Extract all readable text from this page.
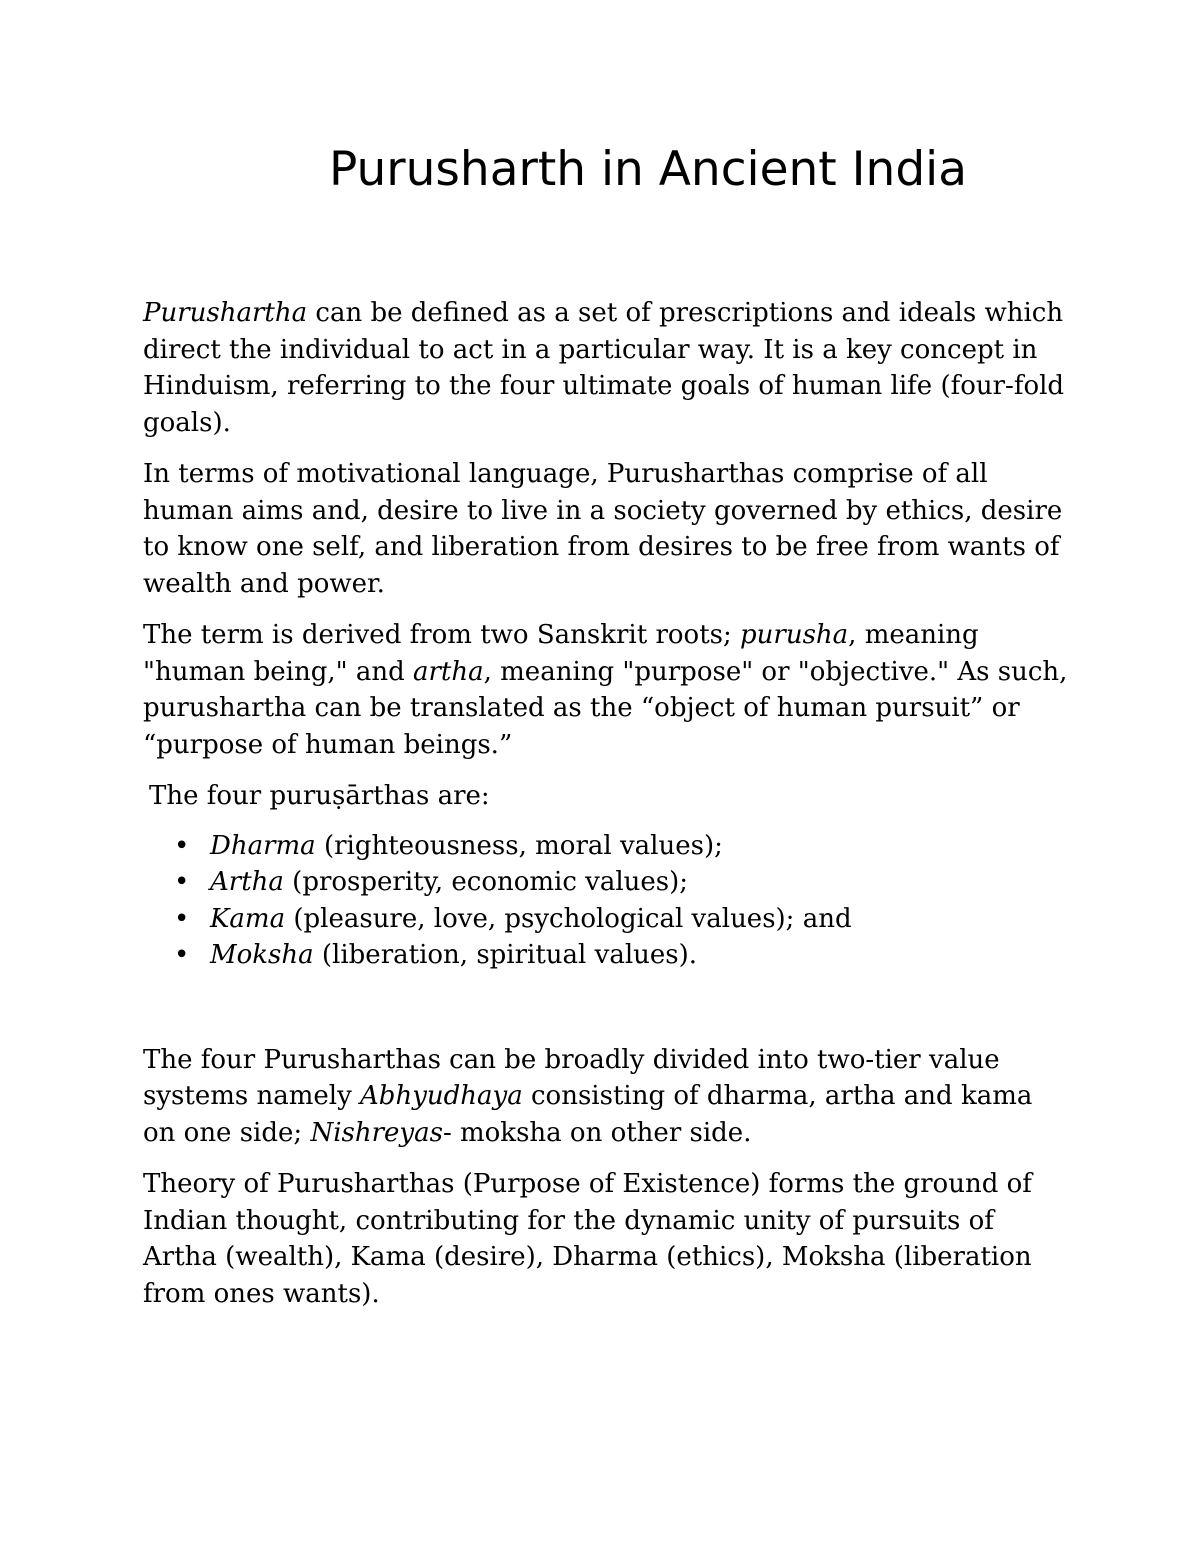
Purusharth in Ancient India

Purushartha can be defined as a set of prescriptions and ideals which direct the individual to act in a particular way. It is a key concept in Hinduism, referring to the four ultimate goals of human life (four-fold goals).

In terms of motivational language, Purusharthas comprise of all human aims and, desire to live in a society governed by ethics, desire to know one self, and liberation from desires to be free from wants of wealth and power.

The term is derived from two Sanskrit roots; purusha, meaning "human being," and artha, meaning "purpose" or "objective." As such, purushartha can be translated as the “object of human pursuit” or “purpose of human beings.”

The four puruṣārthas are:

• Dharma (righteousness, moral values);
• Artha (prosperity, economic values);
• Kama (pleasure, love, psychological values); and
• Moksha (liberation, spiritual values).

The four Purusharthas can be broadly divided into two-tier value systems namely Abhyudhaya consisting of dharma, artha and kama on one side; Nishreyas- moksha on other side.

Theory of Purusharthas (Purpose of Existence) forms the ground of Indian thought, contributing for the dynamic unity of pursuits of Artha (wealth), Kama (desire), Dharma (ethics), Moksha (liberation from ones wants).
